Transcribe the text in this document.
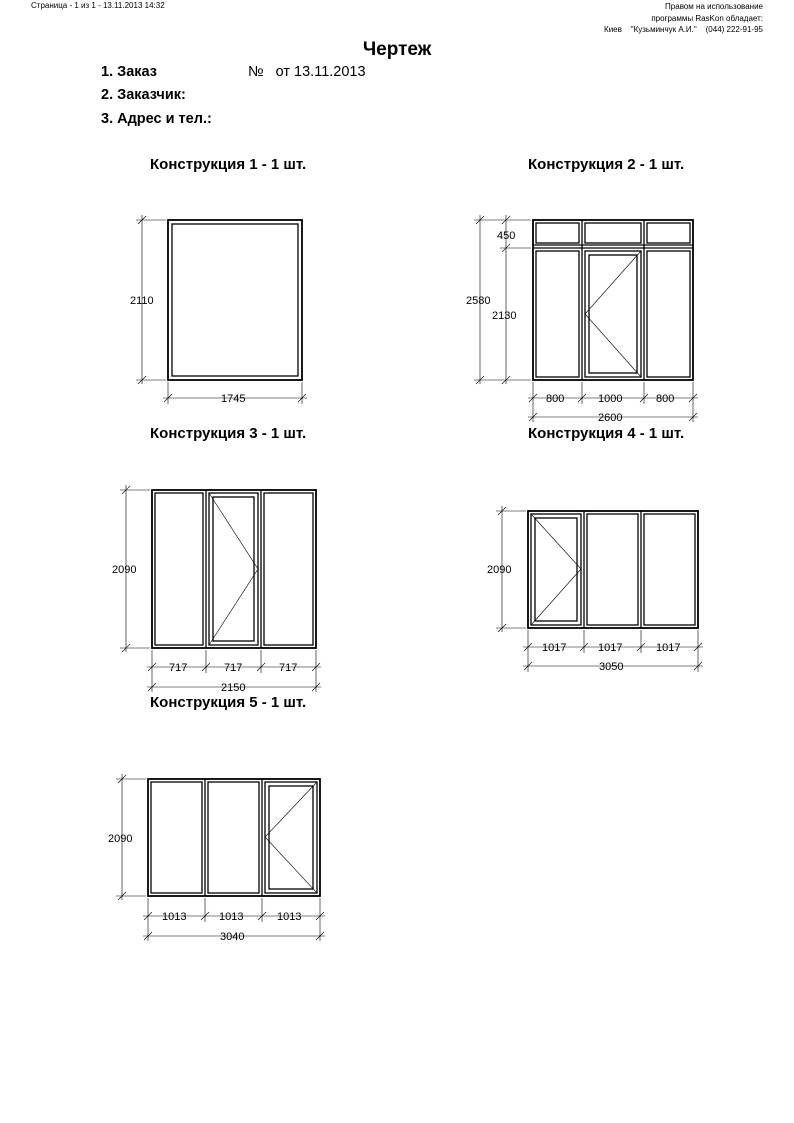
Страница - 1 из 1 - 13.11.2013 14:32	Правом на использование
программы RasKon обладает:
Киев    "Кузьминчук А.И."    (044) 222-91-95
Чертеж
1. Заказ	№   от 13.11.2013
2. Заказчик:
3. Адрес и тел.:
Конструкция 1 - 1 шт.	Конструкция 2 - 1 шт.
Конструкция 3 - 1 шт.	Конструкция 4 - 1 шт.
Конструкция 5 - 1 шт.
2110
1745
2580
450
2130
800	1000	800
2600
2090
717	717	717
2150
2090
1017	1017	1017
3050
2090
1013	1013	1013
3040
